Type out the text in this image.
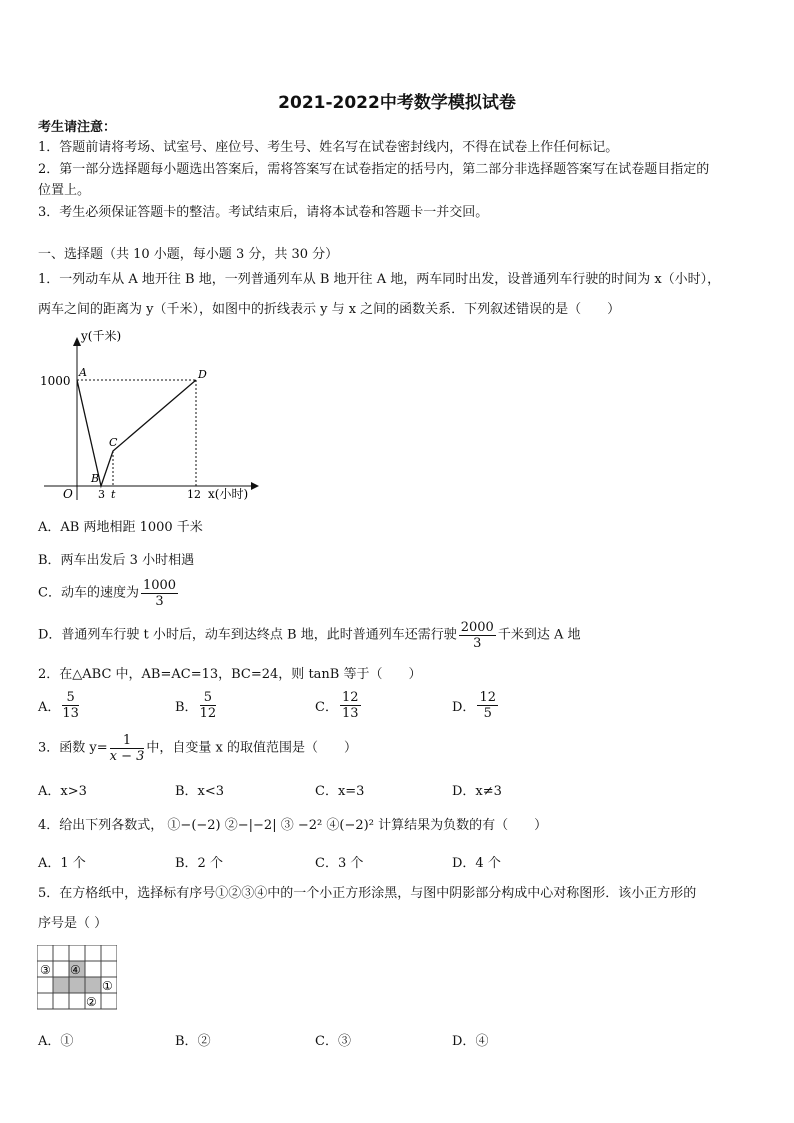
2021-2022中考数学模拟试卷
考生请注意：
1．答题前请将考场、试室号、座位号、考生号、姓名写在试卷密封线内，不得在试卷上作任何标记。
2．第一部分选择题每小题选出答案后，需将答案写在试卷指定的括号内，第二部分非选择题答案写在试卷题目指定的
位置上。
3．考生必须保证答题卡的整洁。考试结束后，请将本试卷和答题卡一并交回。
一、选择题（共 10 小题，每小题 3 分，共 30 分）
1．一列动车从 A 地开往 B 地，一列普通列车从 B 地开往 A 地，两车同时出发，设普通列车行驶的时间为 x（小时），
两车之间的距离为 y（千米），如图中的折线表示 y 与 x 之间的函数关系．下列叙述错误的是（　　）
y(千米)
x(小时)
1000
3 t	12
O
A
B
C
D
A．AB 两地相距 1000 千米
B．两车出发后 3 小时相遇
C．动车的速度为 $\frac{1000}{3}$
D．普通列车行驶 t 小时后，动车到达终点 B 地，此时普通列车还需行驶 $\frac{2000}{3}$ 千米到达 A 地
2．在△ABC 中，AB=AC=13，BC=24，则 tanB 等于（　　）
A． $\frac{5}{13}$	B． $\frac{5}{12}$	C． $\frac{12}{13}$	D． $\frac{12}{5}$
3．函数 $y= \frac{1}{x - 3}$ 中，自变量 x 的取值范围是（　　）
A．x>3	B．x<3	C．x=3	D．x≠3
4．给出下列各数式， ①−(−2) ②−|−2| ③ −2² ④(−2)² 计算结果为负数的有（　　）
A．1 个	B．2 个	C．3 个	D．4 个
5．在方格纸中，选择标有序号①②③④中的一个小正方形涂黑，与图中阴影部分构成中心对称图形．该小正方形的
序号是（ ）
③ ④
①
②
A．①	B．②	C．③	D．④
